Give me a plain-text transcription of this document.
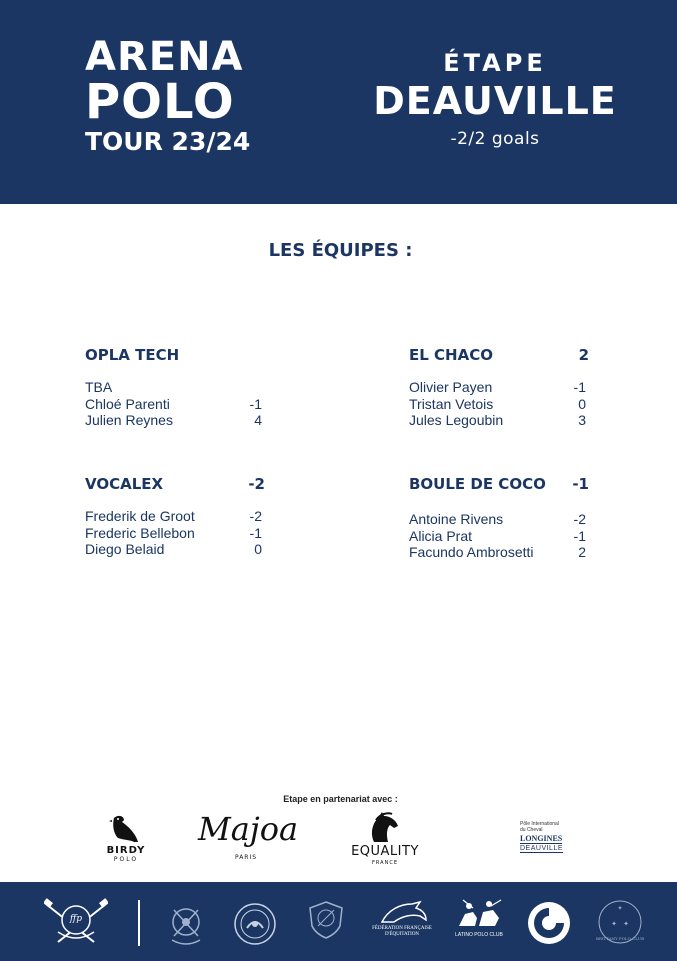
ARENA
POLO
TOUR 23/24
ÉTAPE
DEAUVILLE
-2/2 goals
LES ÉQUIPES :
OPLA TECH
TBA
Chloé Parenti	-1
Julien Reynes	4
EL CHACO	2
Olivier Payen	-1
Tristan Vetois	0
Jules Legoubin	3
VOCALEX	-2
Frederik de Groot	-2
Frederic Bellebon	-1
Diego Belaid	0
BOULE DE COCO -1
Antoine Rivens	-2
Alicia Prat	-1
Facundo Ambrosetti	2
Etape en partenariat avec :
BIRDY
POLO
Majoa
PARIS	EQUALITY
FRANCE
Pôle International
du Cheval
LONGINES
DEAUVILLE
ffp
FÉDÉRATION FRANÇAISE
D'ÉQUITATION	LATINO POLO CLUB
✦
✦ ✦
BRITTANY POLO CLUB
